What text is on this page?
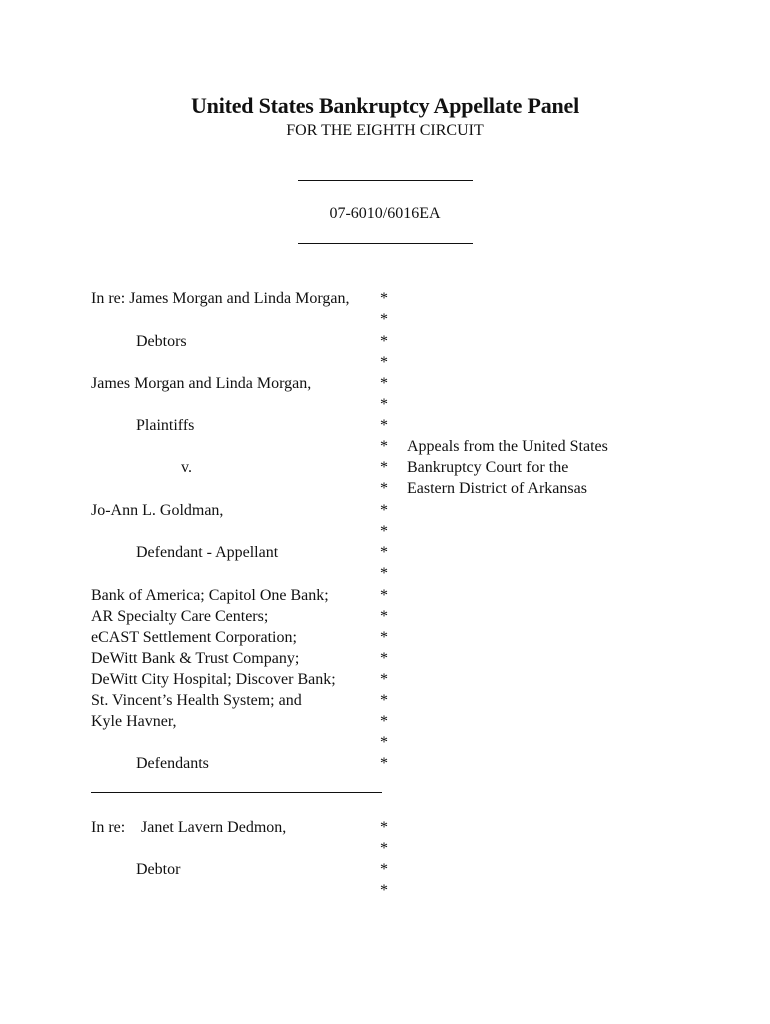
United States Bankruptcy Appellate Panel
FOR THE EIGHTH CIRCUIT
07-6010/6016EA
In re: James Morgan and Linda Morgan,
Debtors
James Morgan and Linda Morgan,
Plaintiffs
v.
Jo-Ann L. Goldman,
Defendant - Appellant
Bank of America; Capitol One Bank;
AR Specialty Care Centers;
eCAST Settlement Corporation;
DeWitt Bank & Trust Company;
DeWitt City Hospital; Discover Bank;
St. Vincent’s Health System; and
Kyle Havner,
Defendants
In re: Janet Lavern Dedmon,
Debtor
*
*
*
*
*
*
*
*
*
*
*
*
*
*
*
*
*
*
*
*
*
*
*
*
*
*
*
Appeals from the United States
Bankruptcy Court for the
Eastern District of Arkansas
